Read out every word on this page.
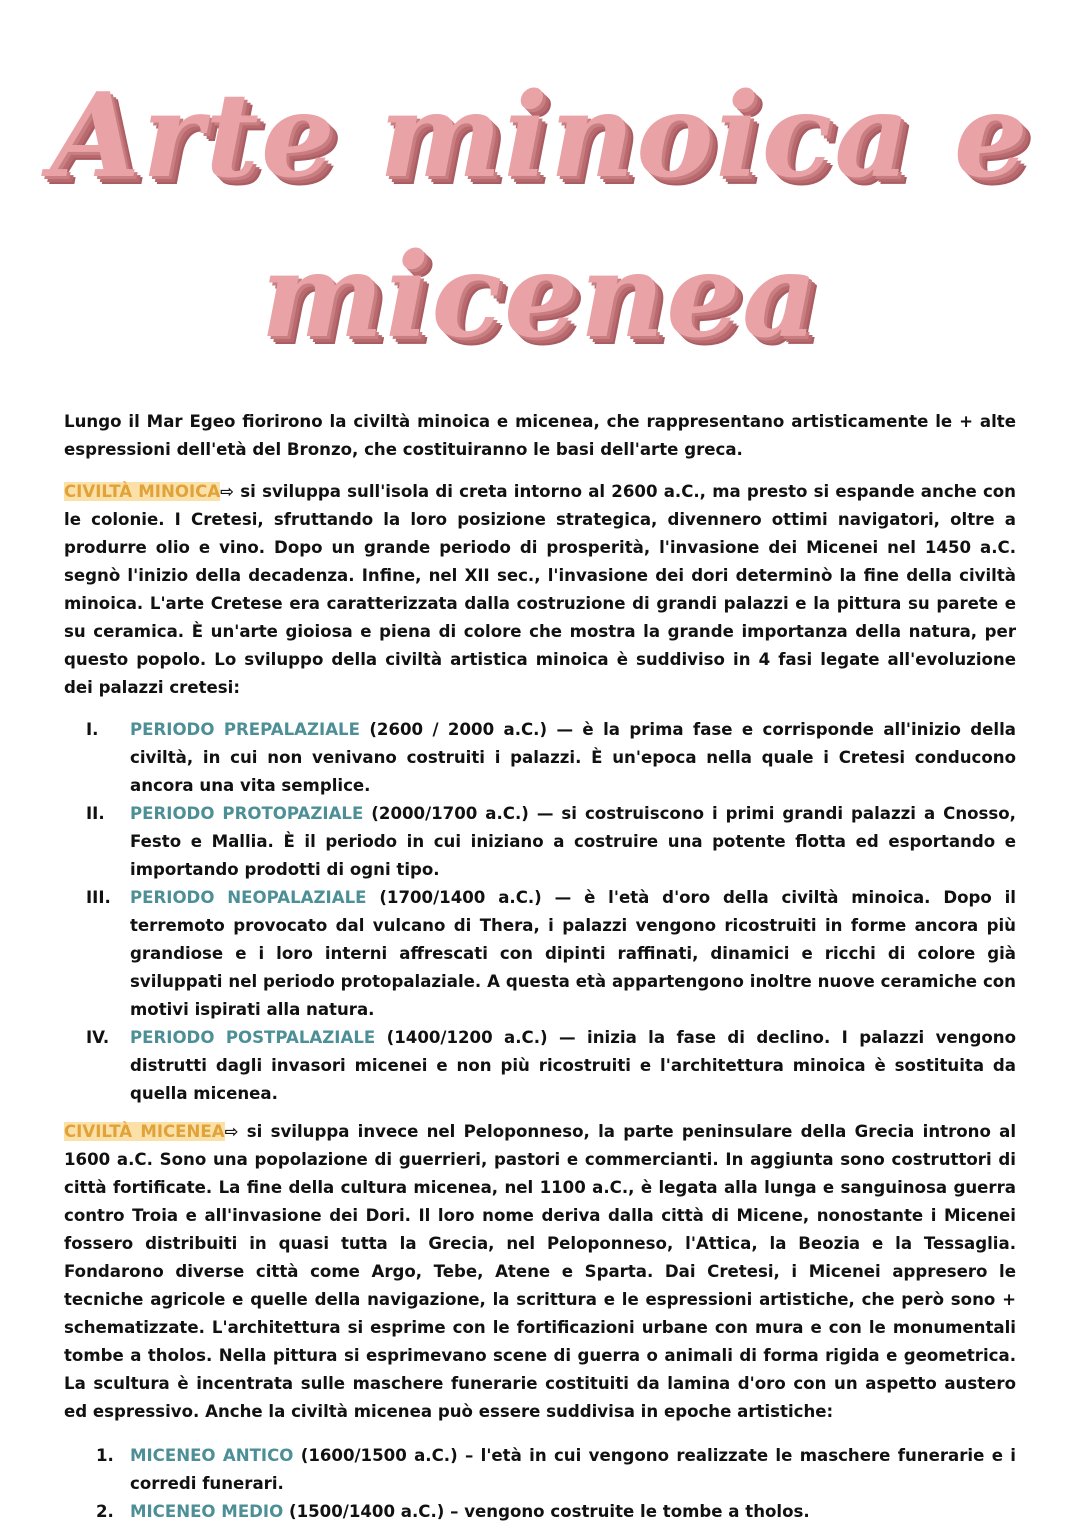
Arte minoica e
micenea

Lungo il Mar Egeo fiorirono la civiltà minoica e micenea, che rappresentano artisticamente le + alte espressioni dell'età del Bronzo, che costituiranno le basi dell'arte greca.

CIVILTÀ MINOICA⇨ si sviluppa sull'isola di creta intorno al 2600 a.C., ma presto si espande anche con le colonie. I Cretesi, sfruttando la loro posizione strategica, divennero ottimi navigatori, oltre a produrre olio e vino. Dopo un grande periodo di prosperità, l'invasione dei Micenei nel 1450 a.C. segnò l'inizio della decadenza. Infine, nel XII sec., l'invasione dei dori determinò la fine della civiltà minoica. L'arte Cretese era caratterizzata dalla costruzione di grandi palazzi e la pittura su parete e su ceramica. È un'arte gioiosa e piena di colore che mostra la grande importanza della natura, per questo popolo. Lo sviluppo della civiltà artistica minoica è suddiviso in 4 fasi legate all'evoluzione dei palazzi cretesi:

I.	PERIODO PREPALAZIALE (2600 / 2000 a.C.) — è la prima fase e corrisponde all'inizio della civiltà, in cui non venivano costruiti i palazzi. È un'epoca nella quale i Cretesi conducono ancora una vita semplice.
II.	PERIODO PROTOPAZIALE (2000/1700 a.C.) — si costruiscono i primi grandi palazzi a Cnosso, Festo e Mallia. È il periodo in cui iniziano a costruire una potente flotta ed esportando e importando prodotti di ogni tipo.
III.	PERIODO NEOPALAZIALE (1700/1400 a.C.) — è l'età d'oro della civiltà minoica. Dopo il terremoto provocato dal vulcano di Thera, i palazzi vengono ricostruiti in forme ancora più grandiose e i loro interni affrescati con dipinti raffinati, dinamici e ricchi di colore già sviluppati nel periodo protopalaziale. A questa età appartengono inoltre nuove ceramiche con motivi ispirati alla natura.
IV.	PERIODO POSTPALAZIALE (1400/1200 a.C.) — inizia la fase di declino. I palazzi vengono distrutti dagli invasori micenei e non più ricostruiti e l'architettura minoica è sostituita da quella micenea.

CIVILTÀ MICENEA⇨ si sviluppa invece nel Peloponneso, la parte peninsulare della Grecia introno al 1600 a.C. Sono una popolazione di guerrieri, pastori e commercianti. In aggiunta sono costruttori di città fortificate. La fine della cultura micenea, nel 1100 a.C., è legata alla lunga e sanguinosa guerra contro Troia e all'invasione dei Dori. Il loro nome deriva dalla città di Micene, nonostante i Micenei fossero distribuiti in quasi tutta la Grecia, nel Peloponneso, l'Attica, la Beozia e la Tessaglia. Fondarono diverse città come Argo, Tebe, Atene e Sparta. Dai Cretesi, i Micenei appresero le tecniche agricole e quelle della navigazione, la scrittura e le espressioni artistiche, che però sono + schematizzate. L'architettura si esprime con le fortificazioni urbane con mura e con le monumentali tombe a tholos. Nella pittura si esprimevano scene di guerra o animali di forma rigida e geometrica. La scultura è incentrata sulle maschere funerarie costituiti da lamina d'oro con un aspetto austero ed espressivo. Anche la civiltà micenea può essere suddivisa in epoche artistiche:

1. MICENEO ANTICO (1600/1500 a.C.) – l'età in cui vengono realizzate le maschere funerarie e i corredi funerari.
2. MICENEO MEDIO (1500/1400 a.C.) – vengono costruite le tombe a tholos.
